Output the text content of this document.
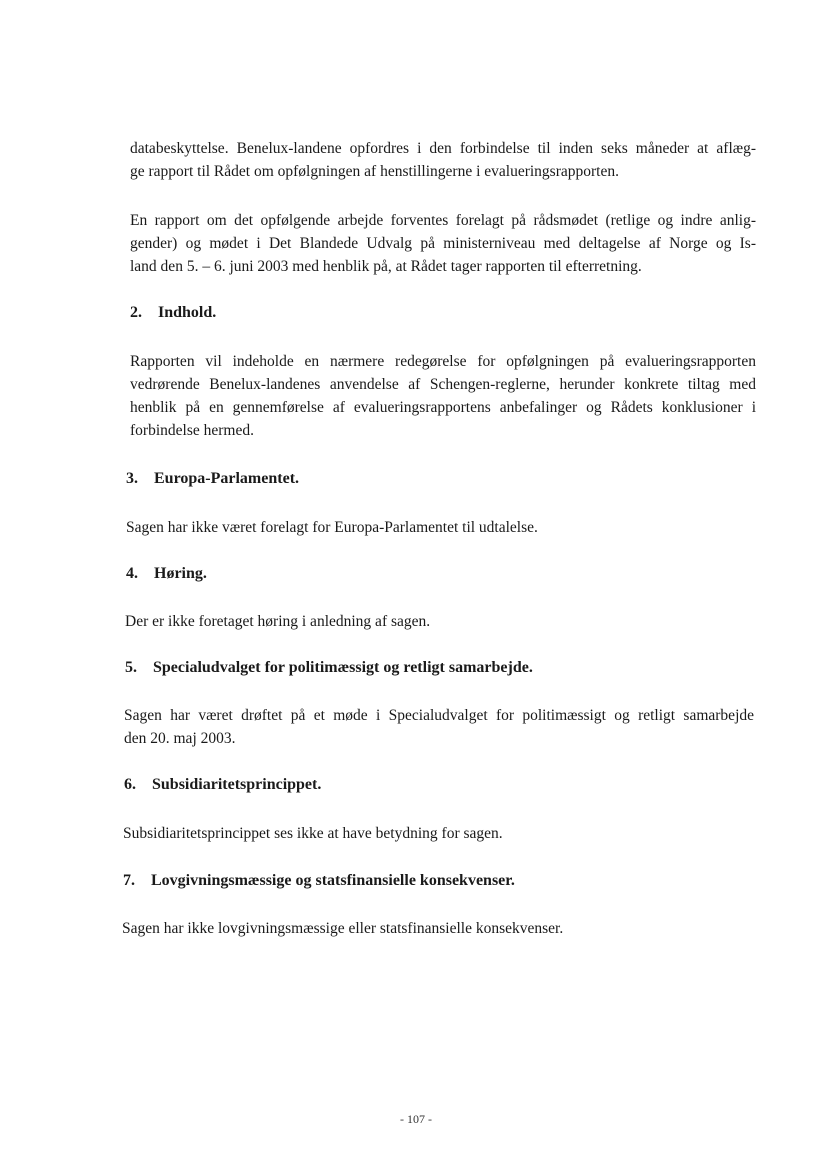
databeskyttelse. Benelux-landene opfordres i den forbindelse til inden seks måneder at aflæg-
ge rapport til Rådet om opfølgningen af henstillingerne i evalueringsrapporten.
En rapport om det opfølgende arbejde forventes forelagt på rådsmødet (retlige og indre anlig-
gender) og mødet i Det Blandede Udvalg på ministerniveau med deltagelse af Norge og Is-
land den 5. – 6. juni 2003 med henblik på, at Rådet tager rapporten til efterretning.
2. Indhold.
Rapporten vil indeholde en nærmere redegørelse for opfølgningen på evalueringsrapporten
vedrørende Benelux-landenes anvendelse af Schengen-reglerne, herunder konkrete tiltag med
henblik på en gennemførelse af evalueringsrapportens anbefalinger og Rådets konklusioner i
forbindelse hermed.
3. Europa-Parlamentet.
Sagen har ikke været forelagt for Europa-Parlamentet til udtalelse.
4. Høring.
Der er ikke foretaget høring i anledning af sagen.
5. Specialudvalget for politimæssigt og retligt samarbejde.
Sagen har været drøftet på et møde i Specialudvalget for politimæssigt og retligt samarbejde
den 20. maj 2003.
6. Subsidiaritetsprincippet.
Subsidiaritetsprincippet ses ikke at have betydning for sagen.
7. Lovgivningsmæssige og statsfinansielle konsekvenser.
Sagen har ikke lovgivningsmæssige eller statsfinansielle konsekvenser.
- 107 -
